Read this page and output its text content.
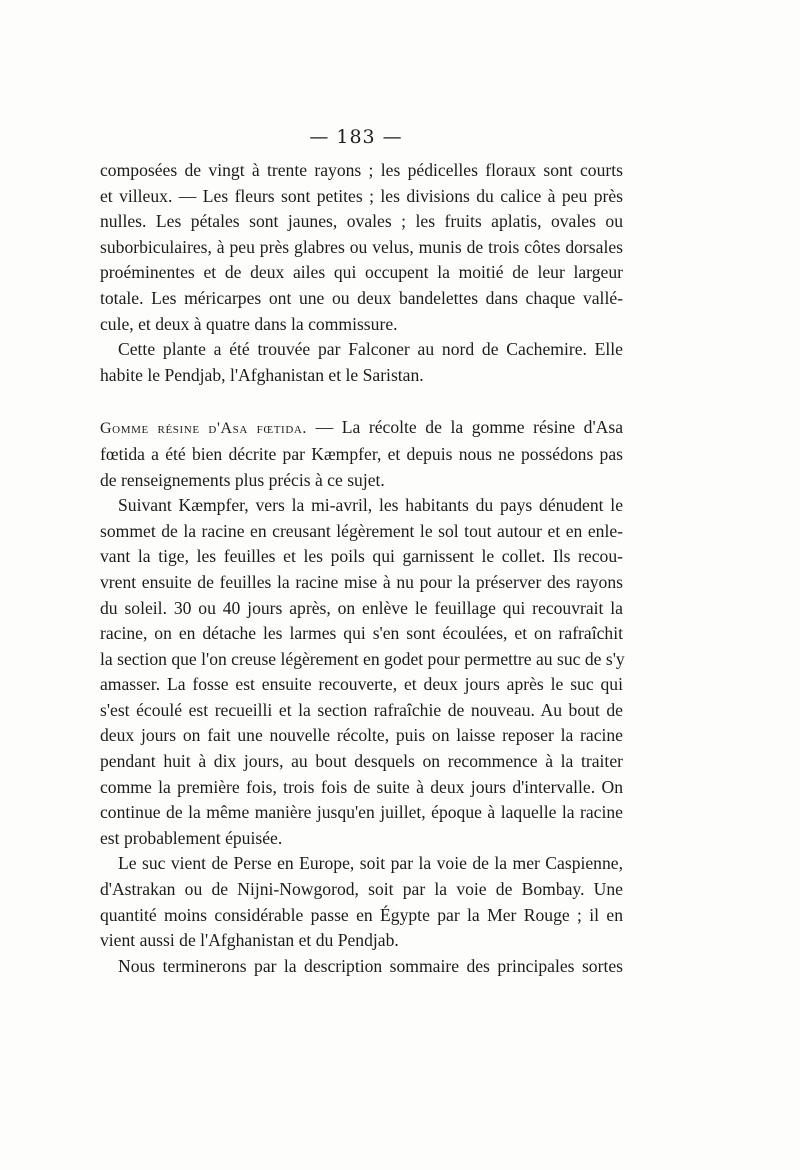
— 183 —

composées de vingt à trente rayons ; les pédicelles floraux sont courts
et villeux. — Les fleurs sont petites ; les divisions du calice à peu près
nulles. Les pétales sont jaunes, ovales ; les fruits aplatis, ovales ou
suborbiculaires, à peu près glabres ou velus, munis de trois côtes dorsales
proéminentes et de deux ailes qui occupent la moitié de leur largeur
totale. Les méricarpes ont une ou deux bandelettes dans chaque vallé-
cule, et deux à quatre dans la commissure.

Cette plante a été trouvée par Falconer au nord de Cachemire. Elle
habite le Pendjab, l'Afghanistan et le Saristan.

Gomme résine d'Asa fœtida. — La récolte de la gomme résine d'Asa
fœtida a été bien décrite par Kæmpfer, et depuis nous ne possédons pas
de renseignements plus précis à ce sujet.

Suivant Kæmpfer, vers la mi-avril, les habitants du pays dénudent le
sommet de la racine en creusant légèrement le sol tout autour et en enle-
vant la tige, les feuilles et les poils qui garnissent le collet. Ils recou-
vrent ensuite de feuilles la racine mise à nu pour la préserver des rayons
du soleil. 30 ou 40 jours après, on enlève le feuillage qui recouvrait la
racine, on en détache les larmes qui s'en sont écoulées, et on rafraîchit
la section que l'on creuse légèrement en godet pour permettre au suc de s'y
amasser. La fosse est ensuite recouverte, et deux jours après le suc qui
s'est écoulé est recueilli et la section rafraîchie de nouveau. Au bout de
deux jours on fait une nouvelle récolte, puis on laisse reposer la racine
pendant huit à dix jours, au bout desquels on recommence à la traiter
comme la première fois, trois fois de suite à deux jours d'intervalle. On
continue de la même manière jusqu'en juillet, époque à laquelle la racine
est probablement épuisée.

Le suc vient de Perse en Europe, soit par la voie de la mer Caspienne,
d'Astrakan ou de Nijni-Nowgorod, soit par la voie de Bombay. Une
quantité moins considérable passe en Égypte par la Mer Rouge ; il en
vient aussi de l'Afghanistan et du Pendjab.

Nous terminerons par la description sommaire des principales sortes
